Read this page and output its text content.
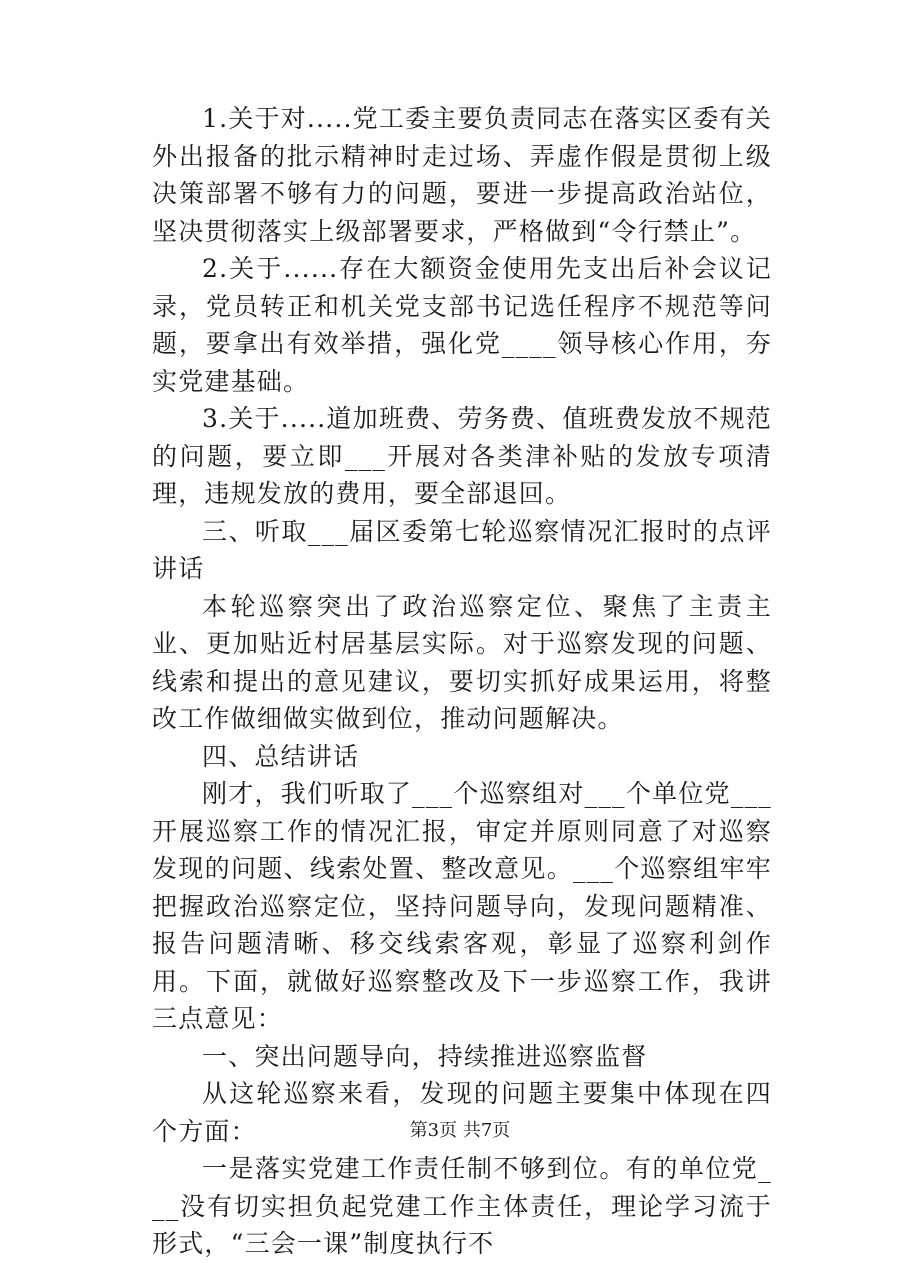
1.关于对.....党工委主要负责同志在落实区委有关外出报备的批示精神时走过场、弄虚作假是贯彻上级决策部署不够有力的问题，要进一步提高政治站位，坚决贯彻落实上级部署要求，严格做到“令行禁止”。

2.关于......存在大额资金使用先支出后补会议记录，党员转正和机关党支部书记选任程序不规范等问题，要拿出有效举措，强化党____领导核心作用，夯实党建基础。

3.关于.....道加班费、劳务费、值班费发放不规范的问题，要立即___开展对各类津补贴的发放专项清理，违规发放的费用，要全部退回。

三、听取___届区委第七轮巡察情况汇报时的点评讲话

本轮巡察突出了政治巡察定位、聚焦了主责主业、更加贴近村居基层实际。对于巡察发现的问题、线索和提出的意见建议，要切实抓好成果运用，将整改工作做细做实做到位，推动问题解决。

四、总结讲话

刚才，我们听取了___个巡察组对___个单位党___开展巡察工作的情况汇报，审定并原则同意了对巡察发现的问题、线索处置、整改意见。___个巡察组牢牢把握政治巡察定位，坚持问题导向，发现问题精准、报告问题清晰、移交线索客观，彰显了巡察利剑作用。下面，就做好巡察整改及下一步巡察工作，我讲三点意见：

一、突出问题导向，持续推进巡察监督

从这轮巡察来看，发现的问题主要集中体现在四个方面：

一是落实党建工作责任制不够到位。有的单位党___没有切实担负起党建工作主体责任，理论学习流于形式，“三会一课”制度执行不

第3页 共7页
